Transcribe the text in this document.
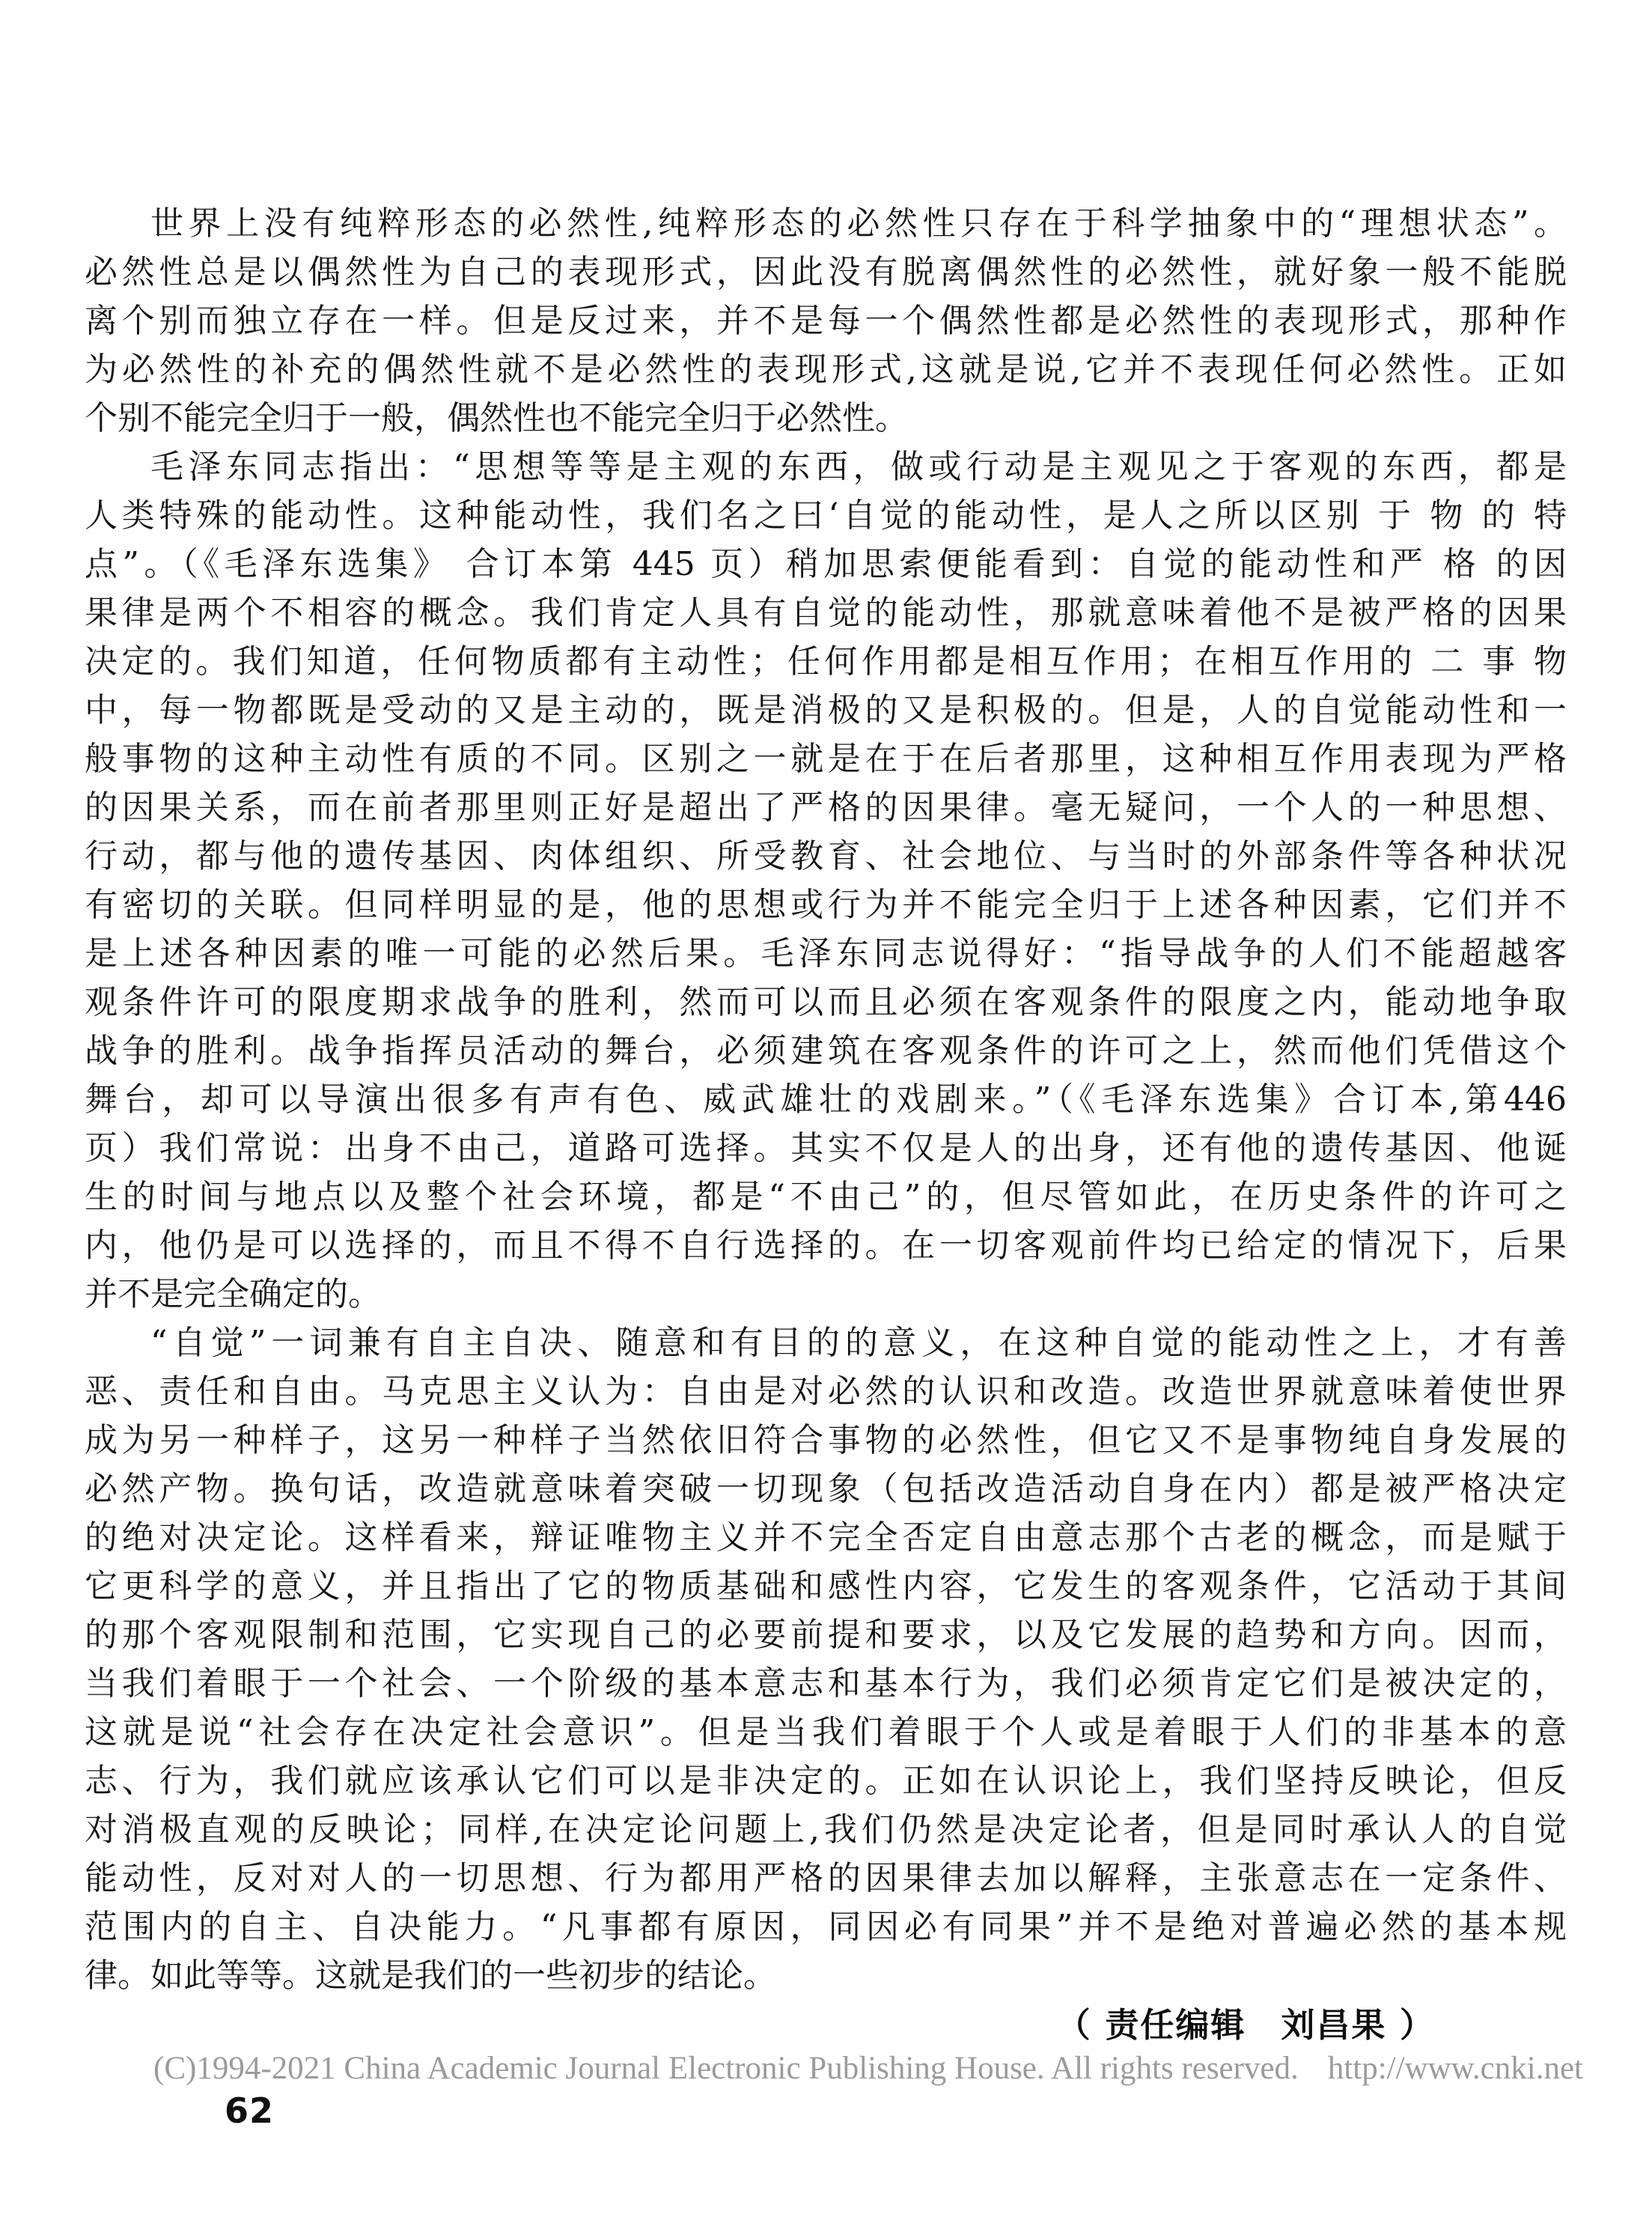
世界上没有纯粹形态的必然性,纯粹形态的必然性只存在于科学抽象中的“理想状态”。
必然性总是以偶然性为自己的表现形式，因此没有脱离偶然性的必然性，就好象一般不能脱
离个别而独立存在一样。但是反过来，并不是每一个偶然性都是必然性的表现形式，那种作
为必然性的补充的偶然性就不是必然性的表现形式,这就是说,它并不表现任何必然性。正如
个别不能完全归于一般，偶然性也不能完全归于必然性。
毛泽东同志指出：“思想等等是主观的东西，做或行动是主观见之于客观的东西，都是
人类特殊的能动性。这种能动性，我们名之曰‘自觉的能动性，是人之所以区别 于 物 的 特
点”。（《毛泽东选集》 合订本第 445 页）稍加思索便能看到：自觉的能动性和严 格 的因
果律是两个不相容的概念。我们肯定人具有自觉的能动性，那就意味着他不是被严格的因果
决定的。我们知道，任何物质都有主动性；任何作用都是相互作用；在相互作用的 二 事 物
中，每一物都既是受动的又是主动的，既是消极的又是积极的。但是，人的自觉能动性和一
般事物的这种主动性有质的不同。区别之一就是在于在后者那里，这种相互作用表现为严格
的因果关系，而在前者那里则正好是超出了严格的因果律。毫无疑问，一个人的一种思想、
行动，都与他的遗传基因、肉体组织、所受教育、社会地位、与当时的外部条件等各种状况
有密切的关联。但同样明显的是，他的思想或行为并不能完全归于上述各种因素，它们并不
是上述各种因素的唯一可能的必然后果。毛泽东同志说得好：“指导战争的人们不能超越客
观条件许可的限度期求战争的胜利，然而可以而且必须在客观条件的限度之内，能动地争取
战争的胜利。战争指挥员活动的舞台，必须建筑在客观条件的许可之上，然而他们凭借这个
舞台，却可以导演出很多有声有色、威武雄壮的戏剧来。”（《毛泽东选集》合订本,第446
页）我们常说：出身不由己，道路可选择。其实不仅是人的出身，还有他的遗传基因、他诞
生的时间与地点以及整个社会环境，都是“不由己”的，但尽管如此，在历史条件的许可之
内，他仍是可以选择的，而且不得不自行选择的。在一切客观前件均已给定的情况下，后果
并不是完全确定的。
“自觉”一词兼有自主自决、随意和有目的的意义，在这种自觉的能动性之上，才有善
恶、责任和自由。马克思主义认为：自由是对必然的认识和改造。改造世界就意味着使世界
成为另一种样子，这另一种样子当然依旧符合事物的必然性，但它又不是事物纯自身发展的
必然产物。换句话，改造就意味着突破一切现象（包括改造活动自身在内）都是被严格决定
的绝对决定论。这样看来，辩证唯物主义并不完全否定自由意志那个古老的概念，而是赋于
它更科学的意义，并且指出了它的物质基础和感性内容，它发生的客观条件，它活动于其间
的那个客观限制和范围，它实现自己的必要前提和要求，以及它发展的趋势和方向。因而，
当我们着眼于一个社会、一个阶级的基本意志和基本行为，我们必须肯定它们是被决定的，
这就是说“社会存在决定社会意识”。但是当我们着眼于个人或是着眼于人们的非基本的意
志、行为，我们就应该承认它们可以是非决定的。正如在认识论上，我们坚持反映论，但反
对消极直观的反映论；同样,在决定论问题上,我们仍然是决定论者，但是同时承认人的自觉
能动性，反对对人的一切思想、行为都用严格的因果律去加以解释，主张意志在一定条件、
范围内的自主、自决能力。“凡事都有原因，同因必有同果”并不是绝对普遍必然的基本规
律。如此等等。这就是我们的一些初步的结论。
（ 责任编辑　刘昌果 ）
(C)1994-2021 China Academic Journal Electronic Publishing House. All rights reserved. http://www.cnki.net
62
